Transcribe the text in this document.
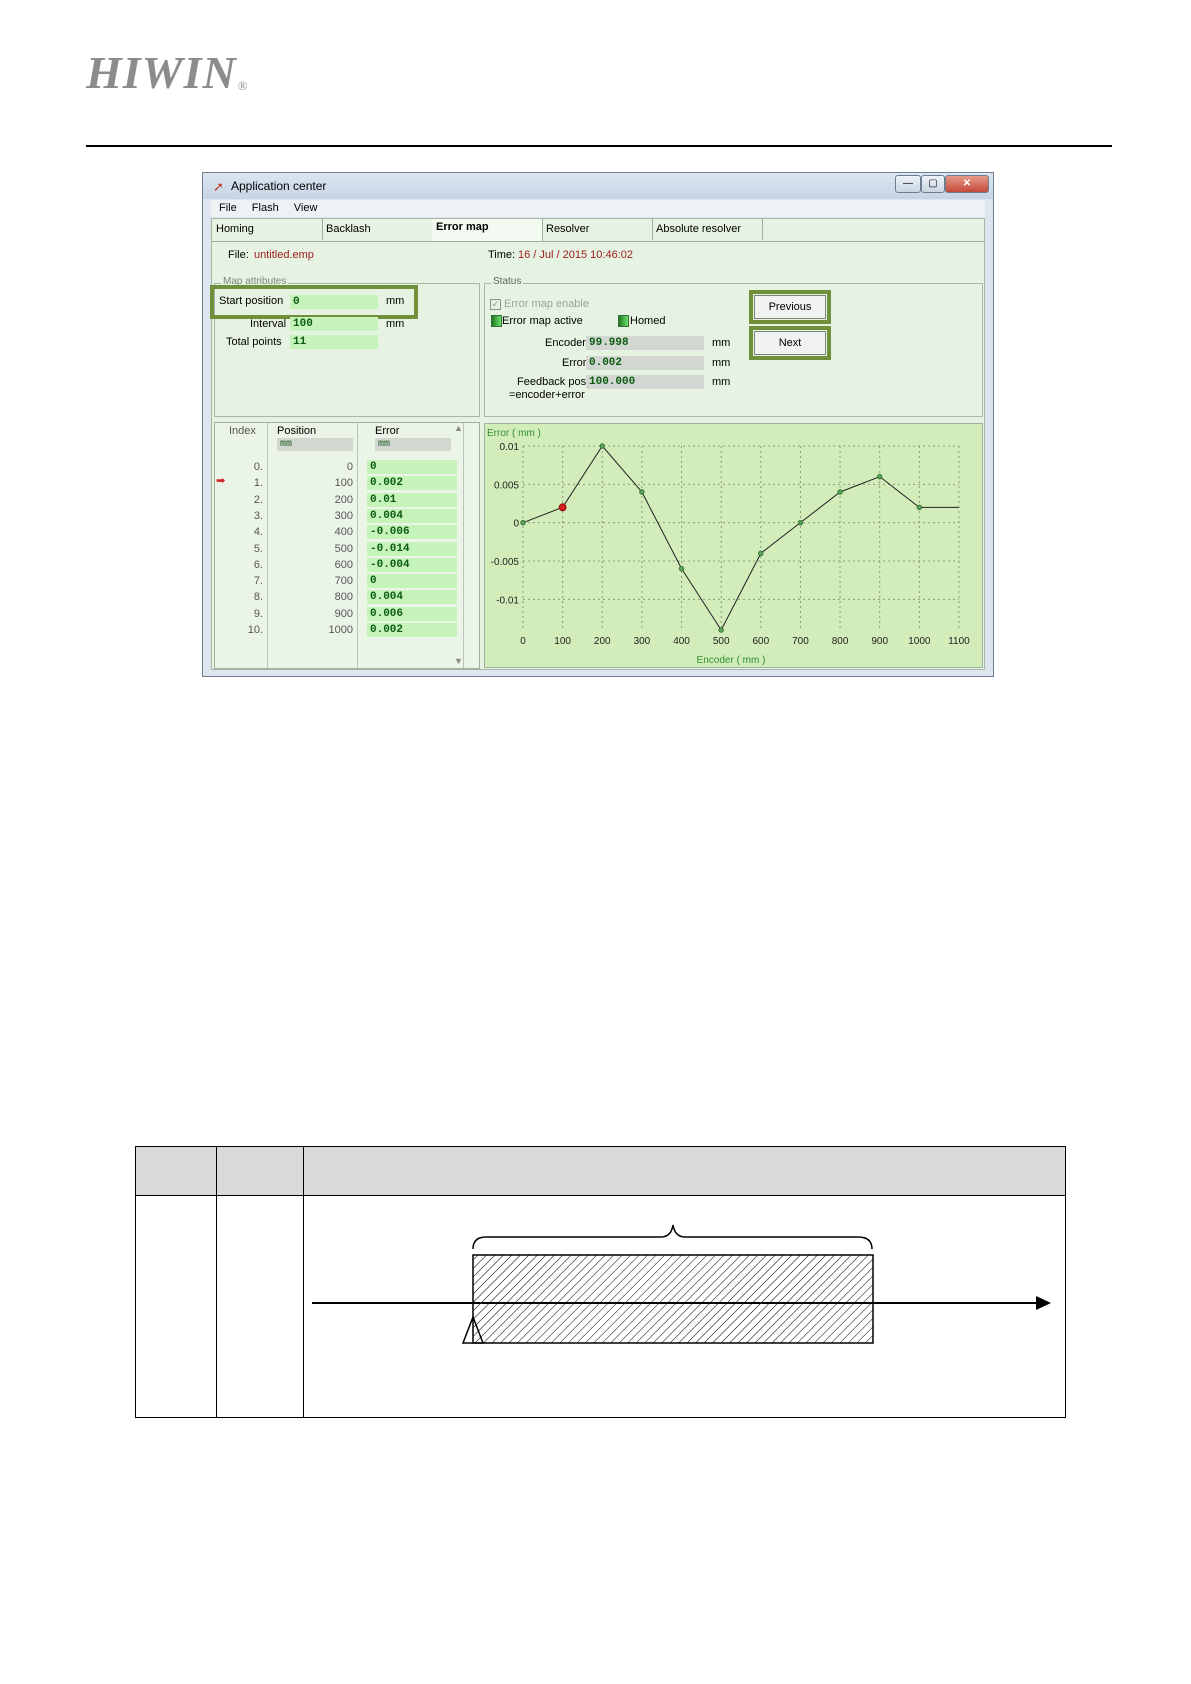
HIWIN®
➚ Application center	—	▢	✕
File Flash View
Homing	Backlash	Error map	Resolver	Absolute resolver
File: untitled.emp	Time: 16 / Jul / 2015 10:46:02
Map attributes
Start position 0	mm
Interval 100	mm
Total points 11
Status
✓ Error map enable
Error map active	Homed
Encoder 99.998	mm
Error 0.002	mm
Feedback pos 100.000	mm
=encoder+error
Previous
Next
Index Position	Error
mm	mm
▲
▼
➡
0.	0 0
1.	100 0.002
2.	200 0.01
3.	300 0.004
4.	400 -0.006
5.	500 -0.014
6.	600 -0.004
7.	700 0
8.	800 0.004
9.	900 0.006
10.	1000 0.002
0	100 200 300 400 500 600 700 800 900 1000 1100
0.01
0.005
0
-0.005
-0.01
Error ( mm )
Encoder ( mm )
